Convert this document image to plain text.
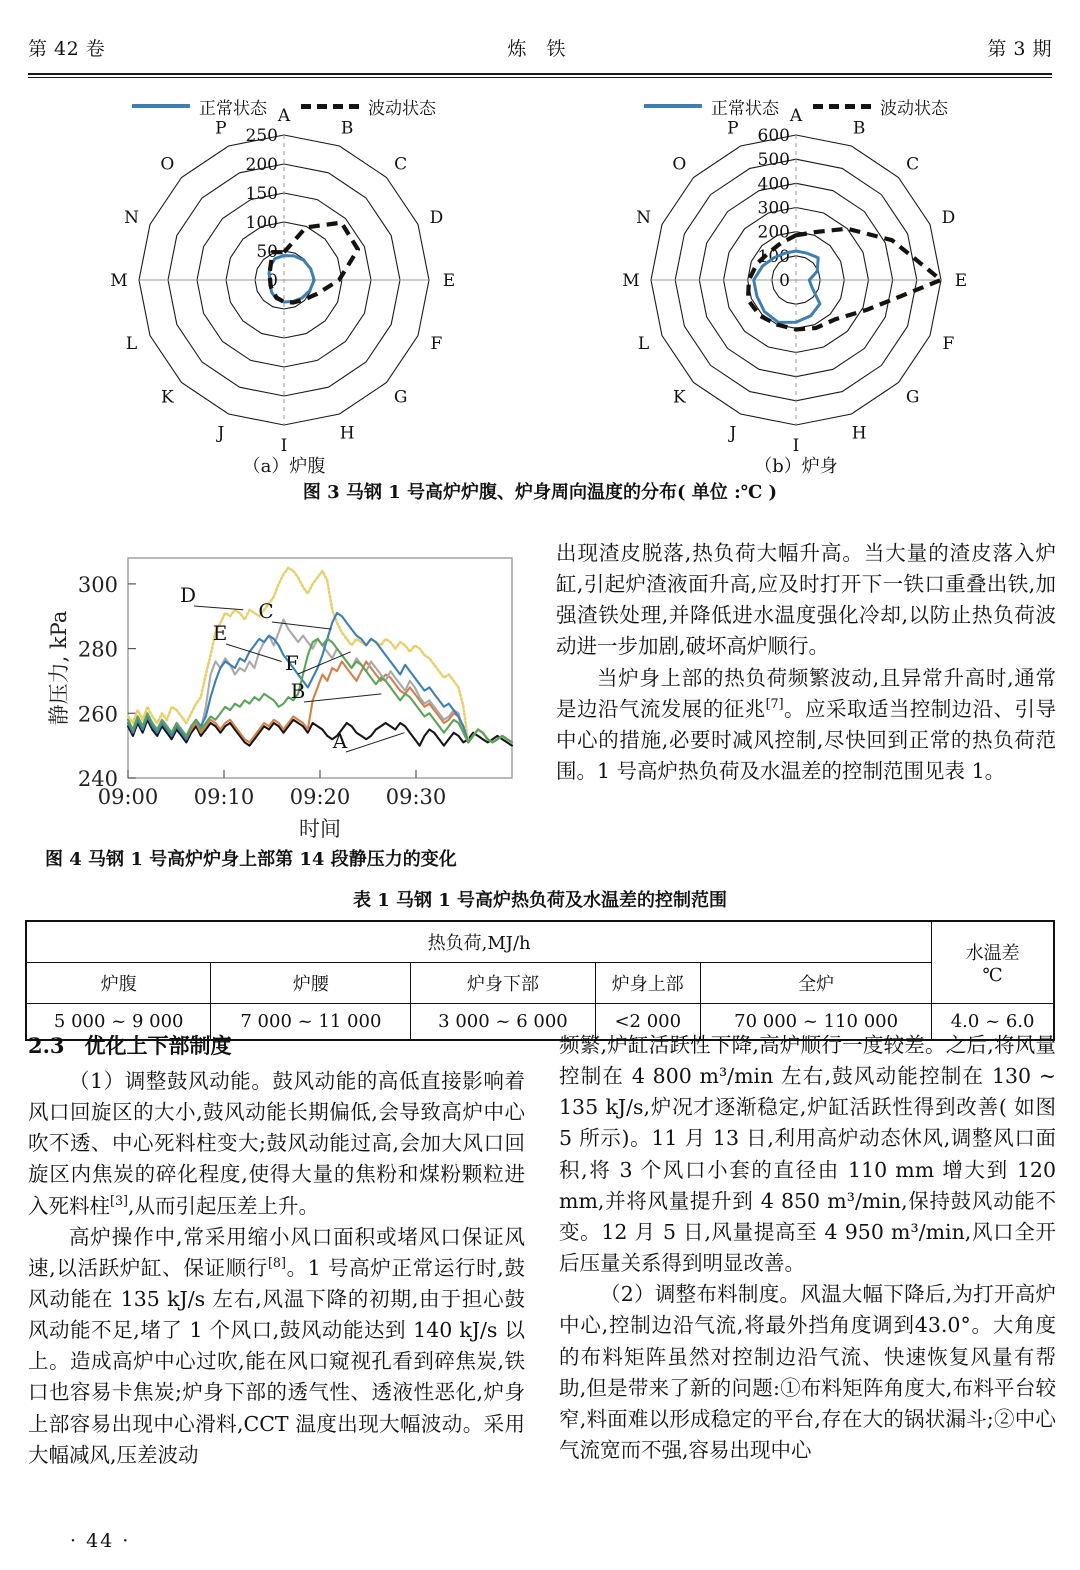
第 42 卷	炼 铁	第 3 期
正常状态	波动状态
0
50
100
150
200
250
A
B
C
D
E
F
G
H
I
J
K
L
M
N
O
P
（a）炉腹
正常状态	波动状态
0
100
200
300
400
500
600
A
B
C
D
E
F
G
H
I
J
K
L
M
N
O
P
（b）炉身
图 3 马钢 1 号高炉炉腹、炉身周向温度的分布( 单位 :℃ )
240
260
280
300
09:00 09:10 09:20 09:30
时间
静压力, kPa
D
E
C
F
B
A
图 4 马钢 1 号高炉炉身上部第 14 段静压力的变化

出现渣皮脱落,热负荷大幅升高。当大量的渣皮落入炉缸,引起炉渣液面升高,应及时打开下一铁口重叠出铁,加强渣铁处理,并降低进水温度强化冷却,以防止热负荷波动进一步加剧,破坏高炉顺行。

当炉身上部的热负荷频繁波动,且异常升高时,通常是边沿气流发展的征兆[7]。应采取适当控制边沿、引导中心的措施,必要时减风控制,尽快回到正常的热负荷范围。1 号高炉热负荷及水温差的控制范围见表 1。

表 1 马钢 1 号高炉热负荷及水温差的控制范围
热负荷,MJ/h					水温差
℃

炉腹	炉腰	炉身下部	炉身上部	全炉	
5 000 ~ 9 000	7 000 ~ 11 000	3 000 ~ 6 000	<2 000	70 000 ~ 110 000	4.0 ~ 6.0
2.3 优化上下部制度

（1）调整鼓风动能。鼓风动能的高低直接影响着风口回旋区的大小,鼓风动能长期偏低,会导致高炉中心吹不透、中心死料柱变大;鼓风动能过高,会加大风口回旋区内焦炭的碎化程度,使得大量的焦粉和煤粉颗粒进入死料柱[3],从而引起压差上升。

高炉操作中,常采用缩小风口面积或堵风口保证风速,以活跃炉缸、保证顺行[8]。1 号高炉正常运行时,鼓风动能在 135 kJ/s 左右,风温下降的初期,由于担心鼓风动能不足,堵了 1 个风口,鼓风动能达到 140 kJ/s 以上。造成高炉中心过吹,能在风口窥视孔看到碎焦炭,铁口也容易卡焦炭;炉身下部的透气性、透液性恶化,炉身上部容易出现中心滑料,CCT 温度出现大幅波动。采用大幅减风,压差波动

频繁,炉缸活跃性下降,高炉顺行一度较差。之后,将风量控制在 4 800 m³/min 左右,鼓风动能控制在 130 ~ 135 kJ/s,炉况才逐渐稳定,炉缸活跃性得到改善( 如图 5 所示)。11 月 13 日,利用高炉动态休风,调整风口面积,将 3 个风口小套的直径由 110 mm 增大到 120 mm,并将风量提升到 4 850 m³/min,保持鼓风动能不变。12 月 5 日,风量提高至 4 950 m³/min,风口全开后压量关系得到明显改善。

（2）调整布料制度。风温大幅下降后,为打开高炉中心,控制边沿气流,将最外挡角度调到43.0°。大角度的布料矩阵虽然对控制边沿气流、快速恢复风量有帮助,但是带来了新的问题:①布料矩阵角度大,布料平台较窄,料面难以形成稳定的平台,存在大的锅状漏斗;②中心气流宽而不强,容易出现中心

· 44 ·
